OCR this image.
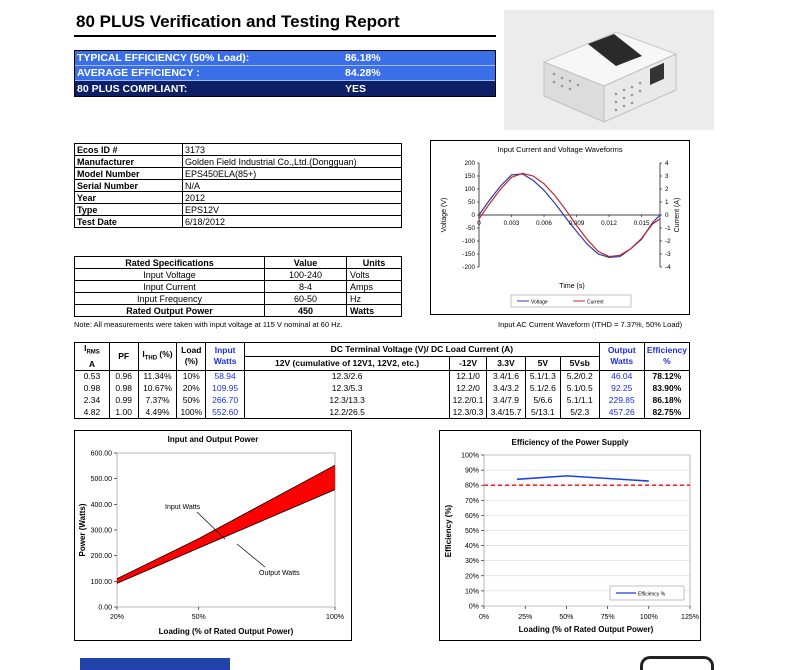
80 PLUS Verification and Testing Report
TYPICAL EFFICIENCY (50% Load):	86.18%
AVERAGE EFFICIENCY :	84.28%
80 PLUS COMPLIANT:	YES
Ecos ID #	3173
Manufacturer	Golden Field Industrial Co.,Ltd.(Dongguan)
Model Number	EPS450ELA(85+)
Serial Number	N/A
Year	2012
Type	EPS12V
Test Date	6/18/2012
Rated Specifications	Value	Units
Input Voltage	100-240	Volts
Input Current	8-4	Amps
Input Frequency	60-50	Hz
Rated Output Power	450	Watts
Note: All measurements were taken with input voltage at 115 V nominal at 60 Hz.
Input Current and Voltage Waveforms
200
150
100
50
0
-50
-100
-150
-200
4
3
2
1
0
-1
-2
-3
-4
0	0.003	0.006	0.009	0.012	0.015
Time (s)
Voltage (V)	Current (A)
Voltage	Current
Input AC Current Waveform (ITHD = 7.37%, 50% Load)
$I_{RMS}$
A	PF	$I_{THD}$ (%)	Load
(%)	Input
Watts	DC Terminal Voltage (V)/ DC Load Current (A)					Output
Watts	Efficiency
%
					12V (cumulative of 12V1, 12V2, etc.)	-12V	3.3V	5V	5Vsb		
0.53	0.96	11.34%	10%	58.94	12.3/2.6	12.1/0	3.4/1.6	5.1/1.3	5.2/0.2	46.04	78.12%
0.98	0.98	10.67%	20%	109.95	12.3/5.3	12.2/0	3.4/3.2	5.1/2.6	5.1/0.5	92.25	83.90%
2.34	0.99	7.37%	50%	266.70	12.3/13.3	12.2/0.1	3.4/7.9	5/6.6	5.1/1.1	229.85	86.18%
4.82	1.00	4.49%	100%	552.60	12.2/26.5	12.3/0.3	3.4/15.7	5/13.1	5/2.3	457.26	82.75%
Input and Output Power
0.00
100.00
200.00
300.00
400.00
500.00
600.00
20%	50%	100%
Loading (% of Rated Output Power)
Power (Watts)	Input Watts
Output Watts
Efficiency of the Power Supply
0%
10%
20%
30%
40%
50%
60%
70%
80%
90%
100%
0%	25%	50%	75%	100%	125%
Loading (% of Rated Output Power)
Efficiency (%)
Efficiency %
